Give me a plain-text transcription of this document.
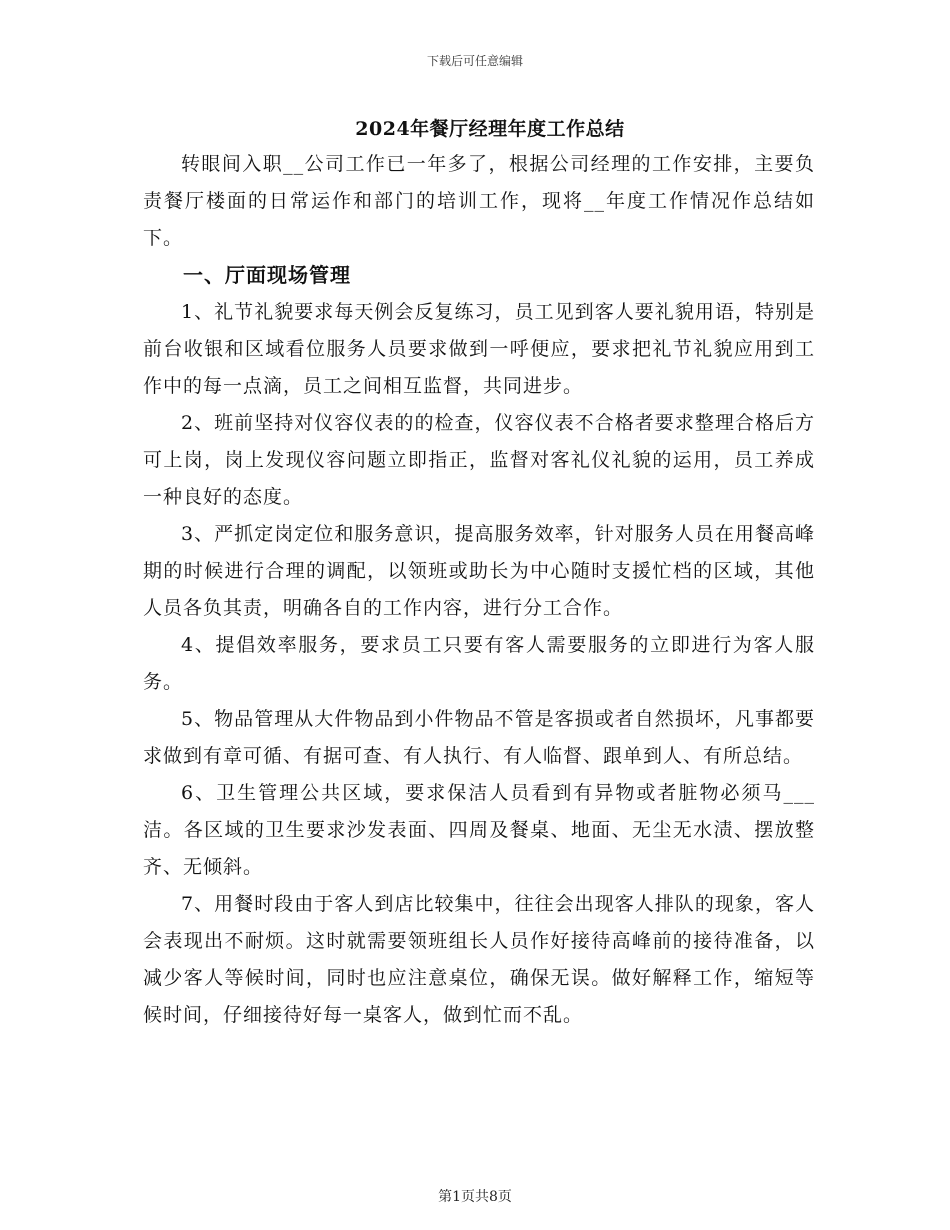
下载后可任意编辑
2024年餐厅经理年度工作总结

转眼间入职__公司工作已一年多了，根据公司经理的工作安排，主要负责餐厅楼面的日常运作和部门的培训工作，现将__年度工作情况作总结如下。

一、厅面现场管理

1、礼节礼貌要求每天例会反复练习，员工见到客人要礼貌用语，特别是前台收银和区域看位服务人员要求做到一呼便应，要求把礼节礼貌应用到工作中的每一点滴，员工之间相互监督，共同进步。

2、班前坚持对仪容仪表的的检查，仪容仪表不合格者要求整理合格后方可上岗，岗上发现仪容问题立即指正，监督对客礼仪礼貌的运用，员工养成一种良好的态度。

3、严抓定岗定位和服务意识，提高服务效率，针对服务人员在用餐高峰期的时候进行合理的调配，以领班或助长为中心随时支援忙档的区域，其他人员各负其责，明确各自的工作内容，进行分工合作。

4、提倡效率服务，要求员工只要有客人需要服务的立即进行为客人服务。

5、物品管理从大件物品到小件物品不管是客损或者自然损坏，凡事都要求做到有章可循、有据可查、有人执行、有人临督、跟单到人、有所总结。

6、卫生管理公共区域，要求保洁人员看到有异物或者脏物必须马___洁。各区域的卫生要求沙发表面、四周及餐桌、地面、无尘无水渍、摆放整齐、无倾斜。

7、用餐时段由于客人到店比较集中，往往会出现客人排队的现象，客人会表现出不耐烦。这时就需要领班组长人员作好接待高峰前的接待准备，以减少客人等候时间，同时也应注意桌位，确保无误。做好解释工作，缩短等候时间，仔细接待好每一桌客人，做到忙而不乱。

第1页共8页
